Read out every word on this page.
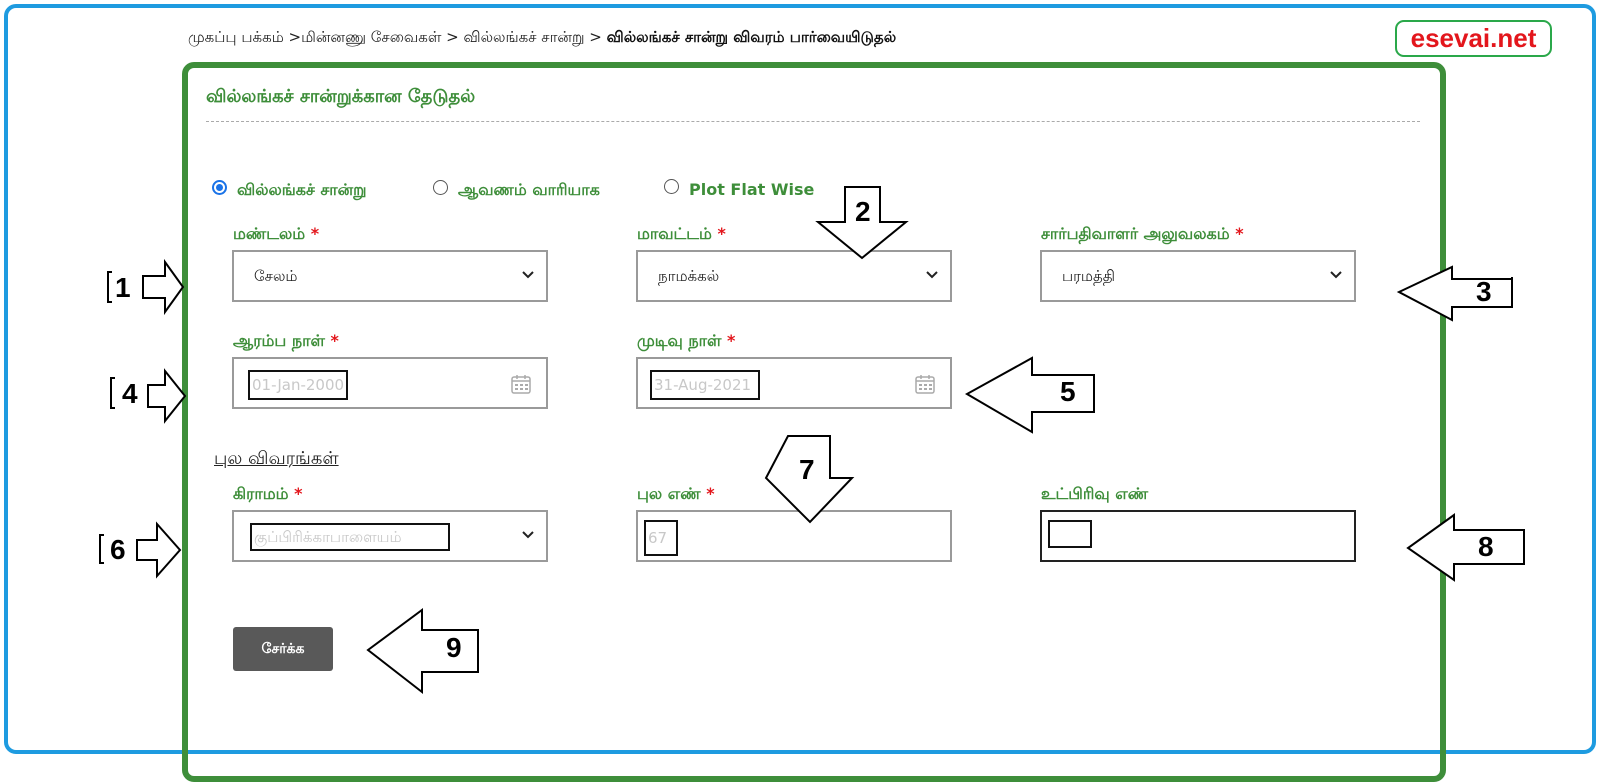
முகப்பு பக்கம் >மின்னணு சேவைகள் > வில்லங்கச் சான்று > வில்லங்கச் சான்று விவரம் பார்வையிடுதல்	esevai.net
வில்லங்கச் சான்றுக்கான தேடுதல்
வில்லங்கச் சான்று	ஆவணம் வாரியாக	Plot Flat Wise
மண்டலம் *	மாவட்டம் *	சார்பதிவாளர் அலுவலகம் *
சேலம்	நாமக்கல்	பரமத்தி
ஆரம்ப நாள் *	முடிவு நாள் *
01-Jan-2000	31-Aug-2021
புல விவரங்கள்
கிராமம் *	புல எண் *	உட்பிரிவு எண்
குப்பிரிக்காபாளையம்	67
சேர்க்க

1
2
3
4	5
6
7
8
9
